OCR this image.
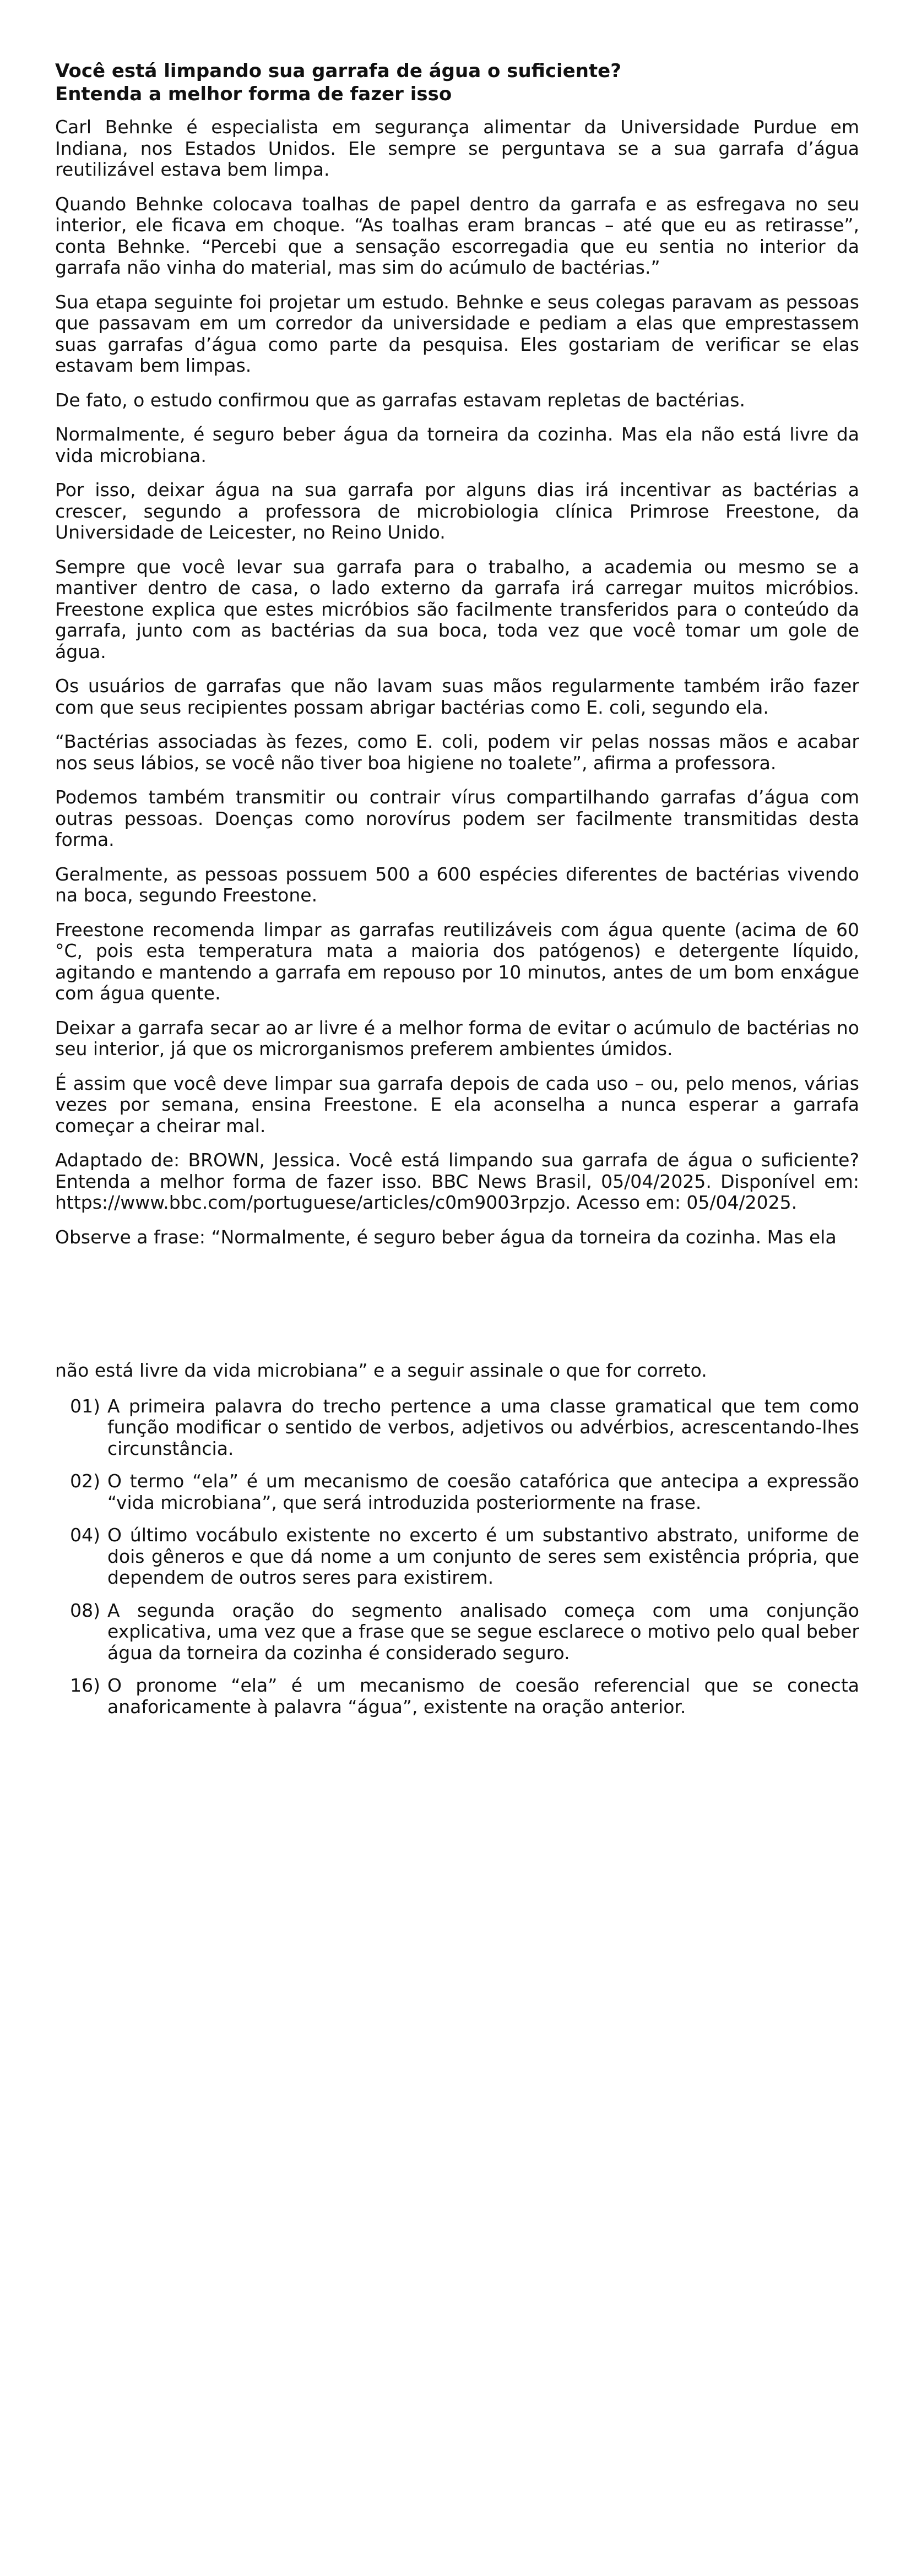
Você está limpando sua garrafa de água o suficiente?
Entenda a melhor forma de fazer isso

Carl Behnke é especialista em segurança alimentar da Universidade Purdue em Indiana, nos Estados Unidos. Ele sempre se perguntava se a sua garrafa d’água reutilizável estava bem limpa.

Quando Behnke colocava toalhas de papel dentro da garrafa e as esfregava no seu interior, ele ficava em choque. “As toalhas eram brancas – até que eu as retirasse”, conta Behnke. “Percebi que a sensação escorregadia que eu sentia no interior da garrafa não vinha do material, mas sim do acúmulo de bactérias.”

Sua etapa seguinte foi projetar um estudo. Behnke e seus colegas paravam as pessoas que passavam em um corredor da universidade e pediam a elas que emprestassem suas garrafas d’água como parte da pesquisa. Eles gostariam de verificar se elas estavam bem limpas.

De fato, o estudo confirmou que as garrafas estavam repletas de bactérias.

Normalmente, é seguro beber água da torneira da cozinha. Mas ela não está livre da vida microbiana.

Por isso, deixar água na sua garrafa por alguns dias irá incentivar as bactérias a crescer, segundo a professora de microbiologia clínica Primrose Freestone, da Universidade de Leicester, no Reino Unido.

Sempre que você levar sua garrafa para o trabalho, a academia ou mesmo se a mantiver dentro de casa, o lado externo da garrafa irá carregar muitos micróbios. Freestone explica que estes micróbios são facilmente transferidos para o conteúdo da garrafa, junto com as bactérias da sua boca, toda vez que você tomar um gole de água.

Os usuários de garrafas que não lavam suas mãos regularmente também irão fazer com que seus recipientes possam abrigar bactérias como E. coli, segundo ela.

“Bactérias associadas às fezes, como E. coli, podem vir pelas nossas mãos e acabar nos seus lábios, se você não tiver boa higiene no toalete”, afirma a professora.

Podemos também transmitir ou contrair vírus compartilhando garrafas d’água com outras pessoas. Doenças como norovírus podem ser facilmente transmitidas desta forma.

Geralmente, as pessoas possuem 500 a 600 espécies diferentes de bactérias vivendo na boca, segundo Freestone.

Freestone recomenda limpar as garrafas reutilizáveis com água quente (acima de 60 °C, pois esta temperatura mata a maioria dos patógenos) e detergente líquido, agitando e mantendo a garrafa em repouso por 10 minutos, antes de um bom enxágue com água quente.

Deixar a garrafa secar ao ar livre é a melhor forma de evitar o acúmulo de bactérias no seu interior, já que os microrganismos preferem ambientes úmidos.

É assim que você deve limpar sua garrafa depois de cada uso – ou, pelo menos, várias vezes por semana, ensina Freestone. E ela aconselha a nunca esperar a garrafa começar a cheirar mal.

Adaptado de: BROWN, Jessica. Você está limpando sua garrafa de água o suficiente? Entenda a melhor forma de fazer isso. BBC News Brasil, 05/04/2025. Disponível em: https://www.bbc.com/portuguese/articles/c0m9003rpzjo. Acesso em: 05/04/2025.

Observe a frase: “Normalmente, é seguro beber água da torneira da cozinha. Mas ela

não está livre da vida microbiana” e a seguir assinale o que for correto.

01) A primeira palavra do trecho pertence a uma classe gramatical que tem como função modificar o sentido de verbos, adjetivos ou advérbios, acrescentando-lhes circunstância.
02) O termo “ela” é um mecanismo de coesão catafórica que antecipa a expressão “vida microbiana”, que será introduzida posteriormente na frase.
04) O último vocábulo existente no excerto é um substantivo abstrato, uniforme de dois gêneros e que dá nome a um conjunto de seres sem existência própria, que dependem de outros seres para existirem.
08) A segunda oração do segmento analisado começa com uma conjunção explicativa, uma vez que a frase que se segue esclarece o motivo pelo qual beber água da torneira da cozinha é considerado seguro.
16) O pronome “ela” é um mecanismo de coesão referencial que se conecta anaforicamente à palavra “água”, existente na oração anterior.
